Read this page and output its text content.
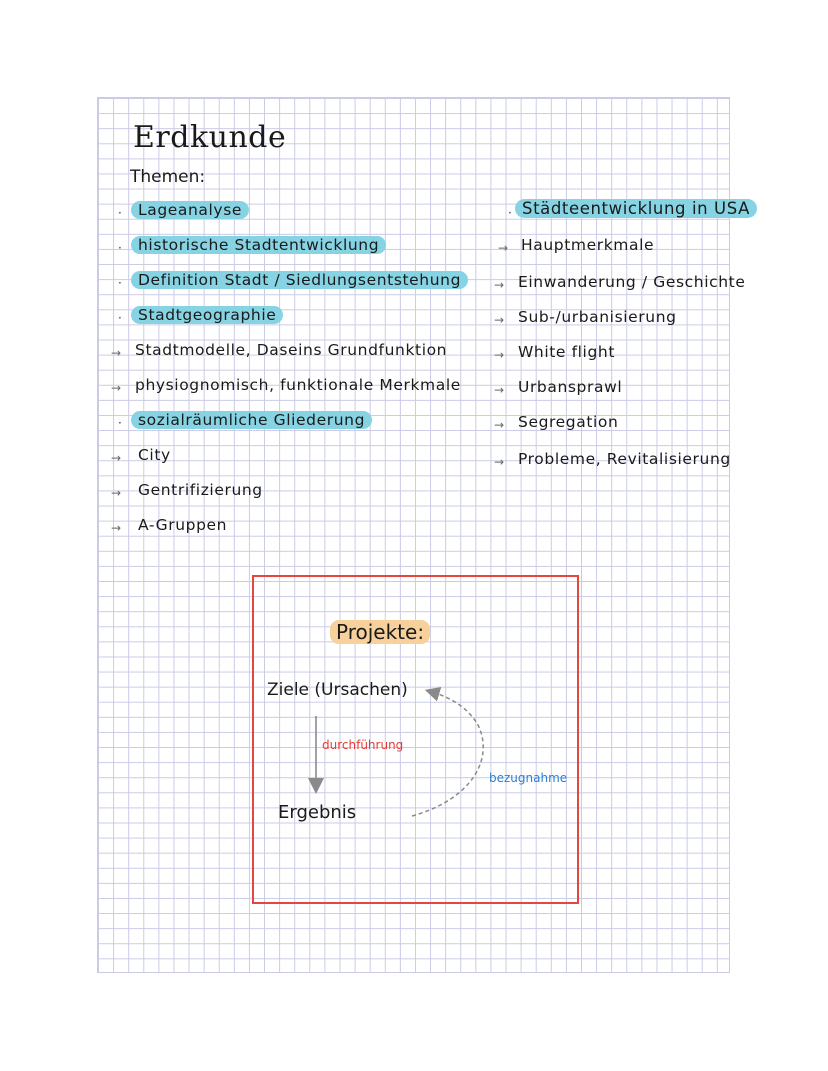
Erdkunde
Themen:
·	Lageanalyse
·	historische Stadtentwicklung
·	Definition Stadt / Siedlungsentstehung
·	Stadtgeographie
→ Stadtmodelle, Daseins Grundfunktion
→ physiognomisch, funktionale Merkmale
·	sozialräumliche Gliederung
→ City
→ Gentrifizierung
→ A-Gruppen
· Städteentwicklung in USA
→ Hauptmerkmale
→ Einwanderung / Geschichte
→ Sub-/urbanisierung
→ White flight
→ Urbansprawl
→ Segregation
→ Probleme, Revitalisierung
Projekte:
Ziele (Ursachen)
durchführung
Ergebnis
bezugnahme
